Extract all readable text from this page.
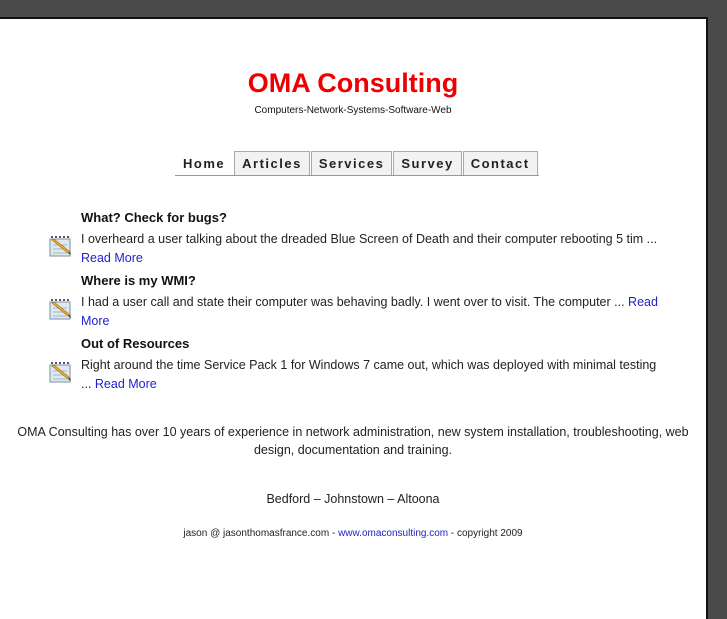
OMA Consulting
Computers-Network-Systems-Software-Web
Home	Articles	Services	Survey	Contact
What? Check for bugs?
I overheard a user talking about the dreaded Blue Screen of Death and their computer rebooting 5 tim ... Read More
Where is my WMI?
I had a user call and state their computer was behaving badly. I went over to visit. The computer ... Read More
Out of Resources
Right around the time Service Pack 1 for Windows 7 came out, which was deployed with minimal testing ... Read More
OMA Consulting has over 10 years of experience in network administration, new system installation, troubleshooting, web design, documentation and training.
Bedford – Johnstown – Altoona
jason @ jasonthomasfrance.com - www.omaconsulting.com - copyright 2009
